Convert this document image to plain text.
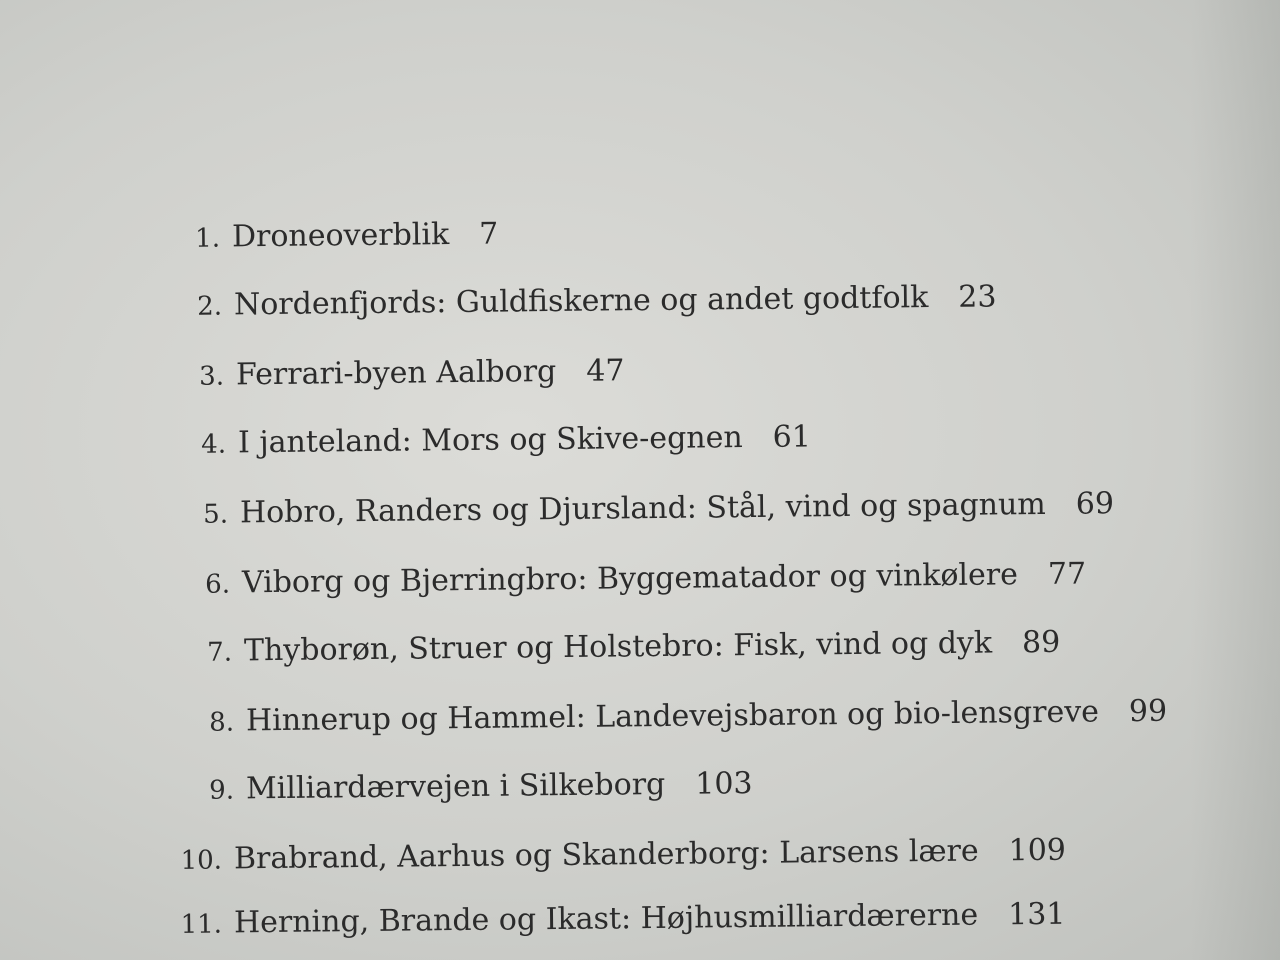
1. Droneoverblik 7
2. Nordenfjords: Guldfiskerne og andet godtfolk 23
3. Ferrari-byen Aalborg 47
4. I janteland: Mors og Skive-egnen 61
5. Hobro, Randers og Djursland: Stål, vind og spagnum 69
6. Viborg og Bjerringbro: Byggematador og vinkølere 77
7. Thyborøn, Struer og Holstebro: Fisk, vind og dyk 89
8. Hinnerup og Hammel: Landevejsbaron og bio-lensgreve 99
9. Milliardærvejen i Silkeborg 103
10. Brabrand, Aarhus og Skanderborg: Larsens lære 109
11. Herning, Brande og Ikast: Højhusmilliardærerne 131
